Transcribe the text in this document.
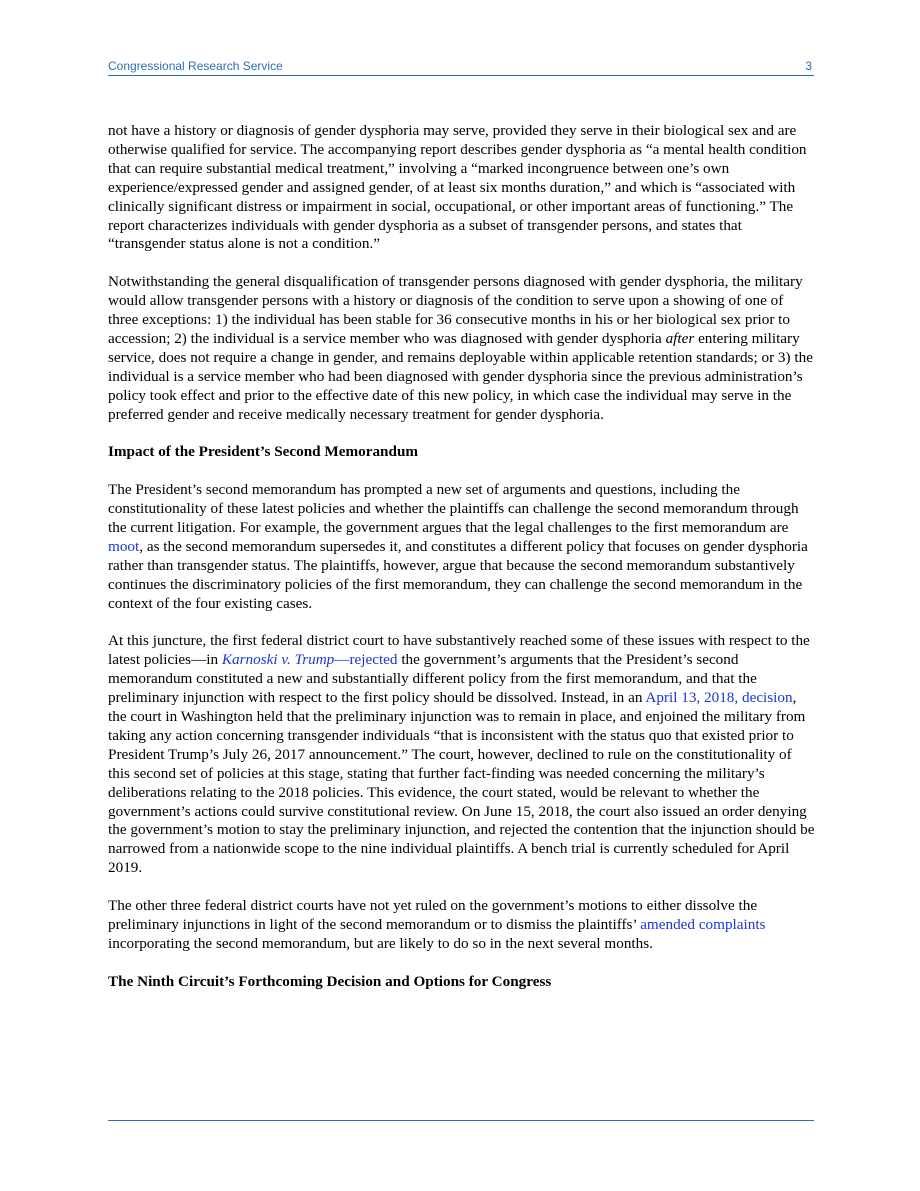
Congressional Research Service	3

not have a history or diagnosis of gender dysphoria may serve, provided they serve in their biological sex and are otherwise qualified for service. The accompanying report describes gender dysphoria as “a mental health condition that can require substantial medical treatment,” involving a “marked incongruence between one’s own experience/expressed gender and assigned gender, of at least six months duration,” and which is “associated with clinically significant distress or impairment in social, occupational, or other important areas of functioning.” The report characterizes individuals with gender dysphoria as a subset of transgender persons, and states that “transgender status alone is not a condition.”

Notwithstanding the general disqualification of transgender persons diagnosed with gender dysphoria, the military would allow transgender persons with a history or diagnosis of the condition to serve upon a showing of one of three exceptions: 1) the individual has been stable for 36 consecutive months in his or her biological sex prior to accession; 2) the individual is a service member who was diagnosed with gender dysphoria after entering military service, does not require a change in gender, and remains deployable within applicable retention standards; or 3) the individual is a service member who had been diagnosed with gender dysphoria since the previous administration’s policy took effect and prior to the effective date of this new policy, in which case the individual may serve in the preferred gender and receive medically necessary treatment for gender dysphoria.

Impact of the President’s Second Memorandum

The President’s second memorandum has prompted a new set of arguments and questions, including the constitutionality of these latest policies and whether the plaintiffs can challenge the second memorandum through the current litigation. For example, the government argues that the legal challenges to the first memorandum are moot, as the second memorandum supersedes it, and constitutes a different policy that focuses on gender dysphoria rather than transgender status. The plaintiffs, however, argue that because the second memorandum substantively continues the discriminatory policies of the first memorandum, they can challenge the second memorandum in the context of the four existing cases.

At this juncture, the first federal district court to have substantively reached some of these issues with respect to the latest policies—in Karnoski v. Trump—rejected the government’s arguments that the President’s second memorandum constituted a new and substantially different policy from the first memorandum, and that the preliminary injunction with respect to the first policy should be dissolved. Instead, in an April 13, 2018, decision, the court in Washington held that the preliminary injunction was to remain in place, and enjoined the military from taking any action concerning transgender individuals “that is inconsistent with the status quo that existed prior to President Trump’s July 26, 2017 announcement.” The court, however, declined to rule on the constitutionality of this second set of policies at this stage, stating that further fact-finding was needed concerning the military’s deliberations relating to the 2018 policies. This evidence, the court stated, would be relevant to whether the government’s actions could survive constitutional review. On June 15, 2018, the court also issued an order denying the government’s motion to stay the preliminary injunction, and rejected the contention that the injunction should be narrowed from a nationwide scope to the nine individual plaintiffs. A bench trial is currently scheduled for April 2019.

The other three federal district courts have not yet ruled on the government’s motions to either dissolve the preliminary injunctions in light of the second memorandum or to dismiss the plaintiffs’ amended complaints incorporating the second memorandum, but are likely to do so in the next several months.

The Ninth Circuit’s Forthcoming Decision and Options for Congress
